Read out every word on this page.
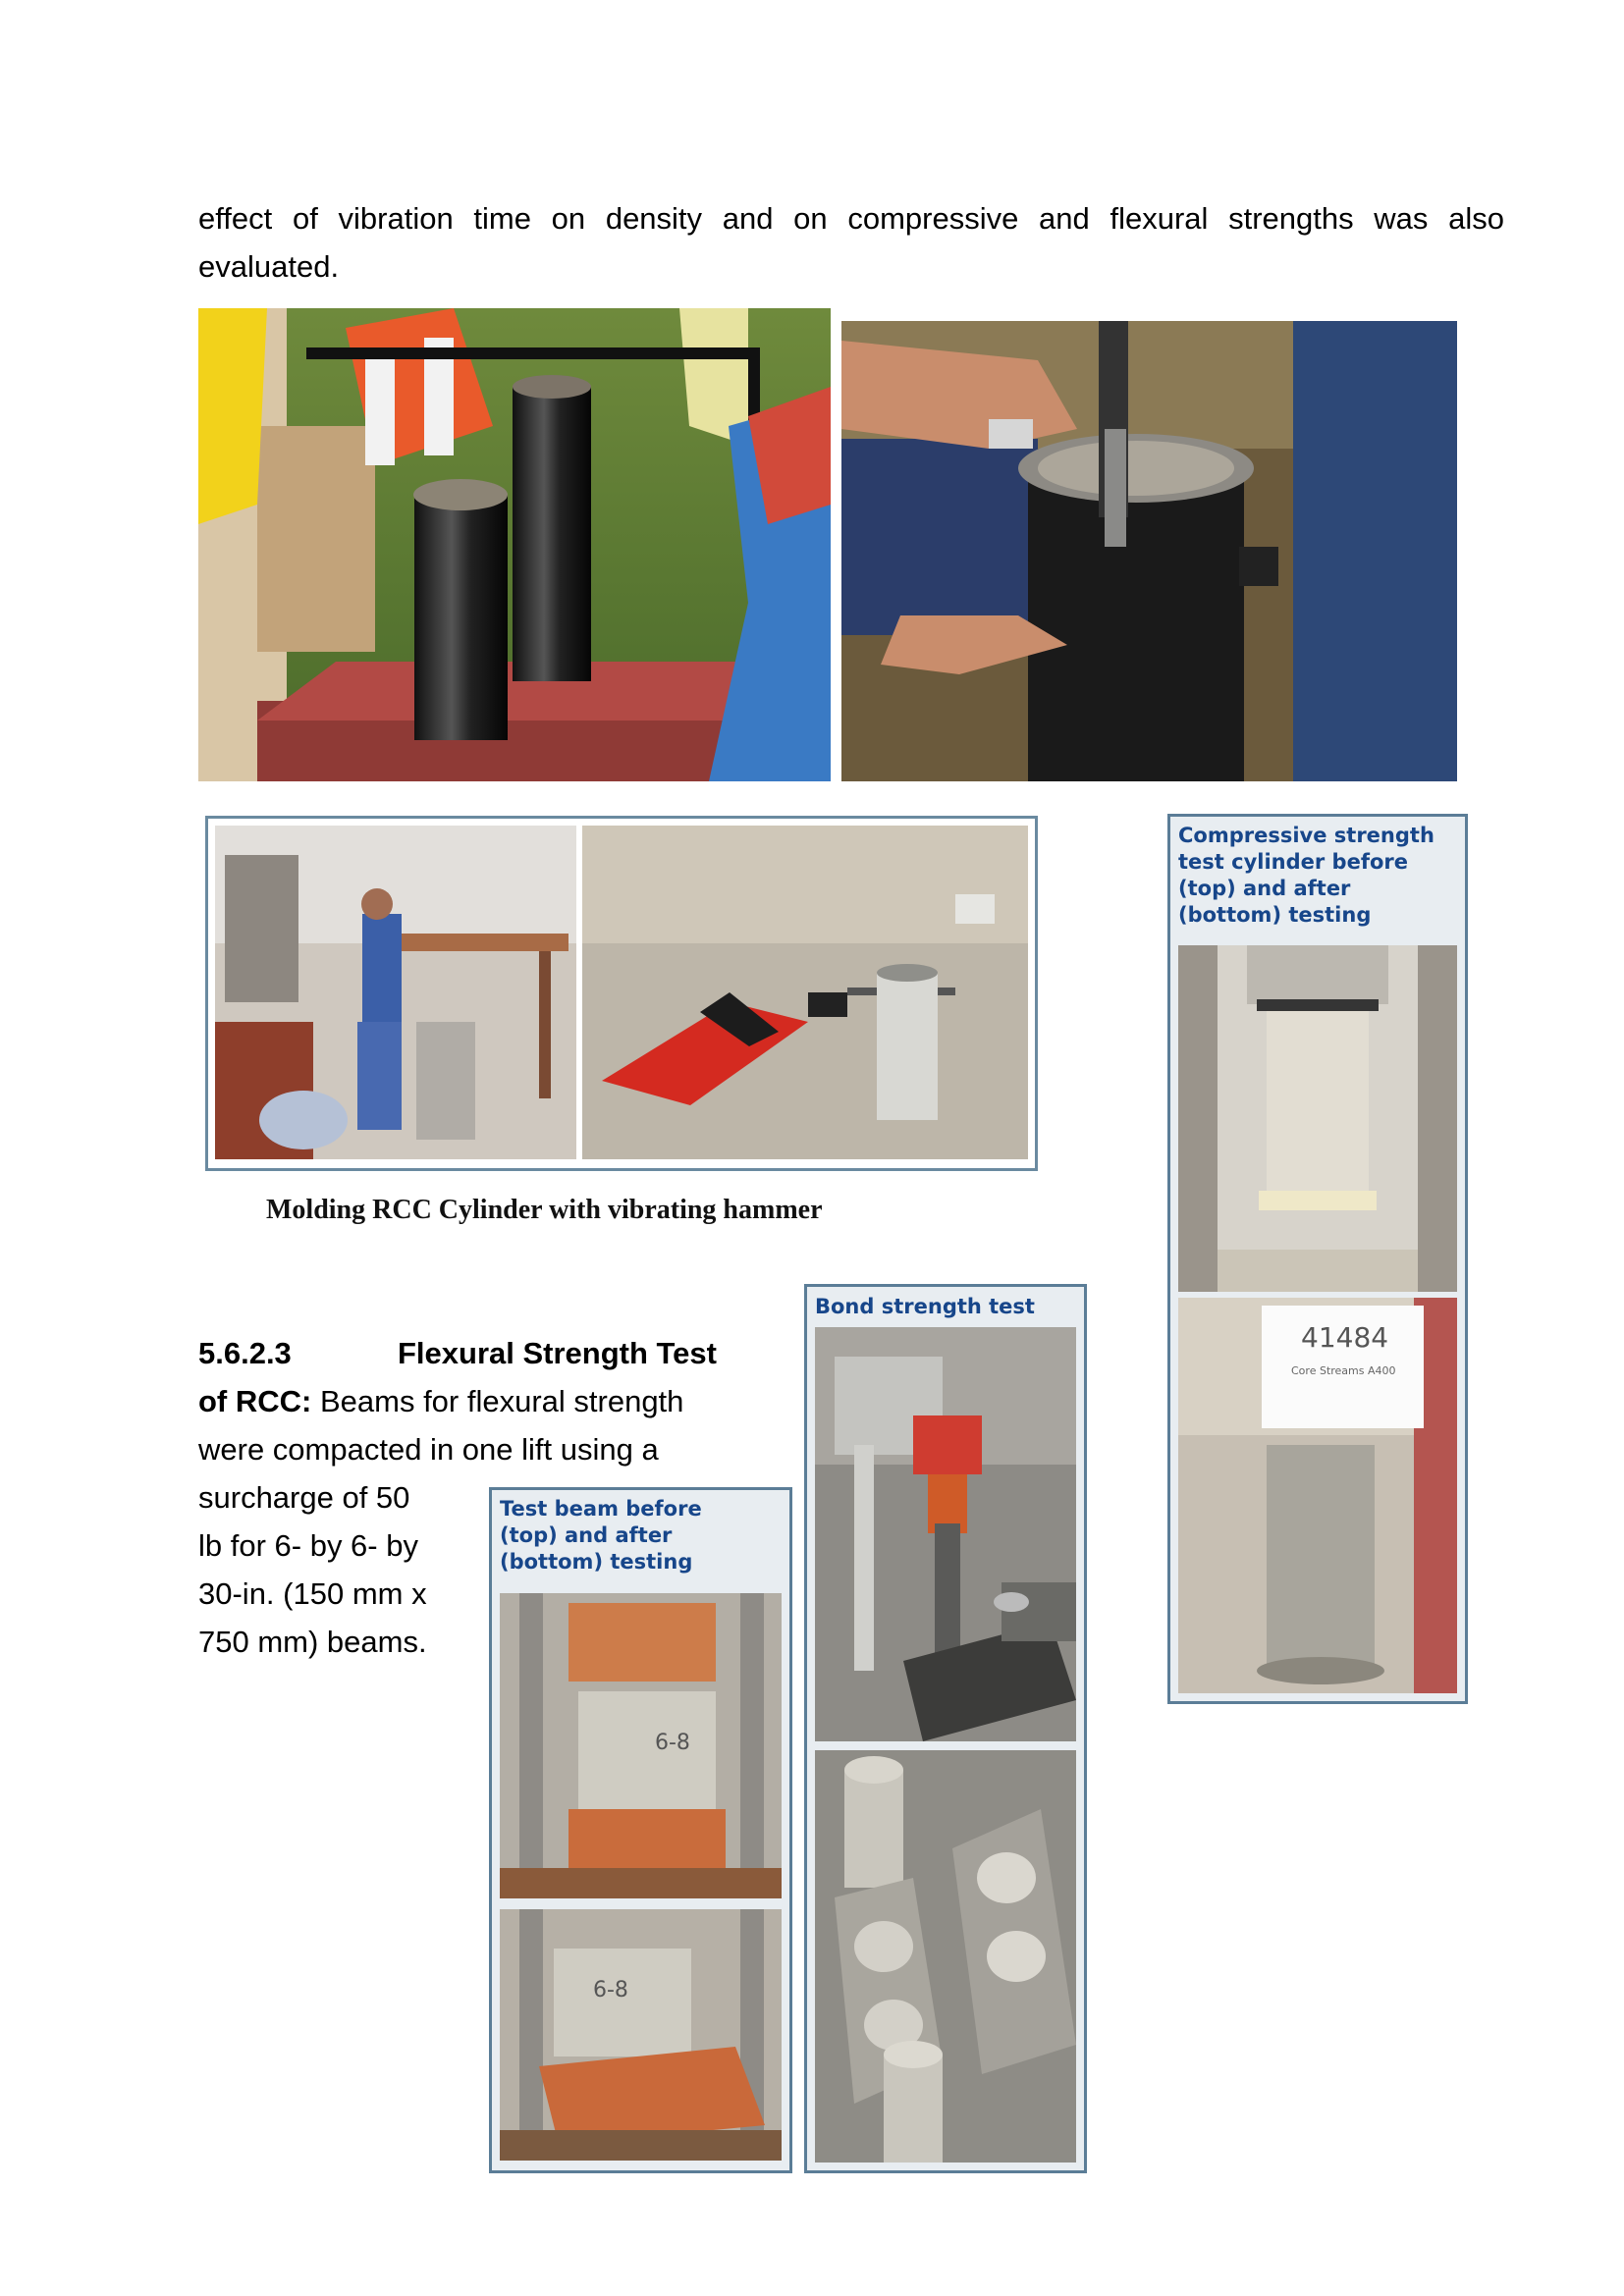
effect of vibration time on density and on compressive and flexural strengths was also
evaluated.
Molding RCC Cylinder with vibrating hammer
Compressive strength test cylinder before (top) and after (bottom) testing
41484
Core Streams A400
5.6.2.3	Flexural Strength Test
of RCC: Beams for flexural strength
were compacted in one lift using a
surcharge of 50
lb for 6- by 6- by
30-in. (150 mm x
750 mm) beams.
Bond strength test
Test beam before (top) and after (bottom) testing
6-8
6-8
